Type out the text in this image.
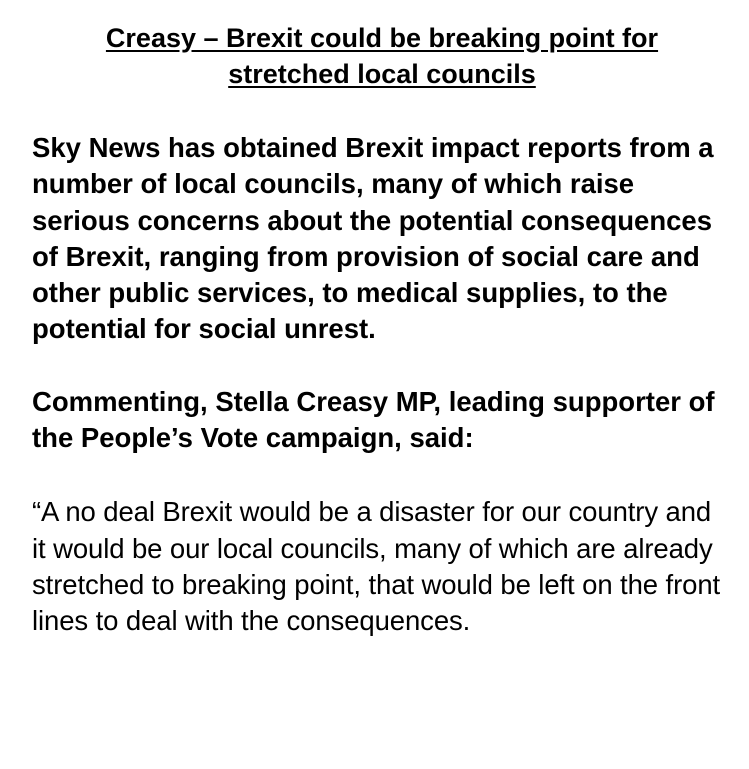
Creasy – Brexit could be breaking point for
stretched local councils

Sky News has obtained Brexit impact reports from a number of local councils, many of which raise serious concerns about the potential consequences of Brexit, ranging from provision of social care and other public services, to medical supplies, to the potential for social unrest.

Commenting, Stella Creasy MP, leading supporter of the People’s Vote campaign, said:

“A no deal Brexit would be a disaster for our country and it would be our local councils, many of which are already stretched to breaking point, that would be left on the front lines to deal with the consequences.
